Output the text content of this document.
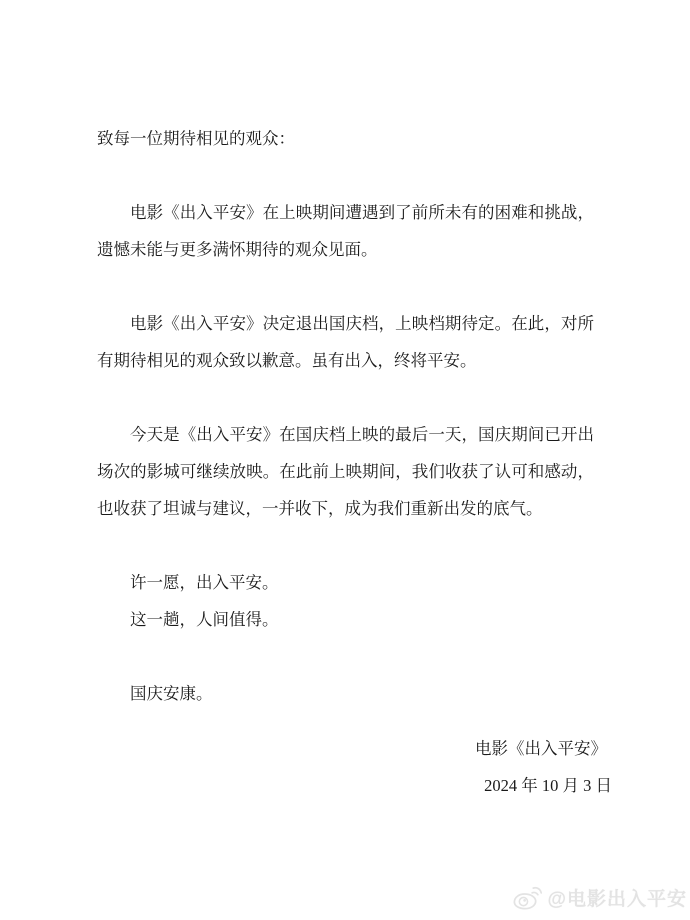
致每一位期待相见的观众：

电影《出入平安》在上映期间遭遇到了前所未有的困难和挑战，

遗憾未能与更多满怀期待的观众见面。

电影《出入平安》决定退出国庆档，上映档期待定。在此，对所

有期待相见的观众致以歉意。虽有出入，终将平安。

今天是《出入平安》在国庆档上映的最后一天，国庆期间已开出

场次的影城可继续放映。在此前上映期间，我们收获了认可和感动，

也收获了坦诚与建议，一并收下，成为我们重新出发的底气。

许一愿，出入平安。

这一趟，人间值得。

国庆安康。

电影《出入平安》

2024 年 10 月 3 日

@电影出入平安
